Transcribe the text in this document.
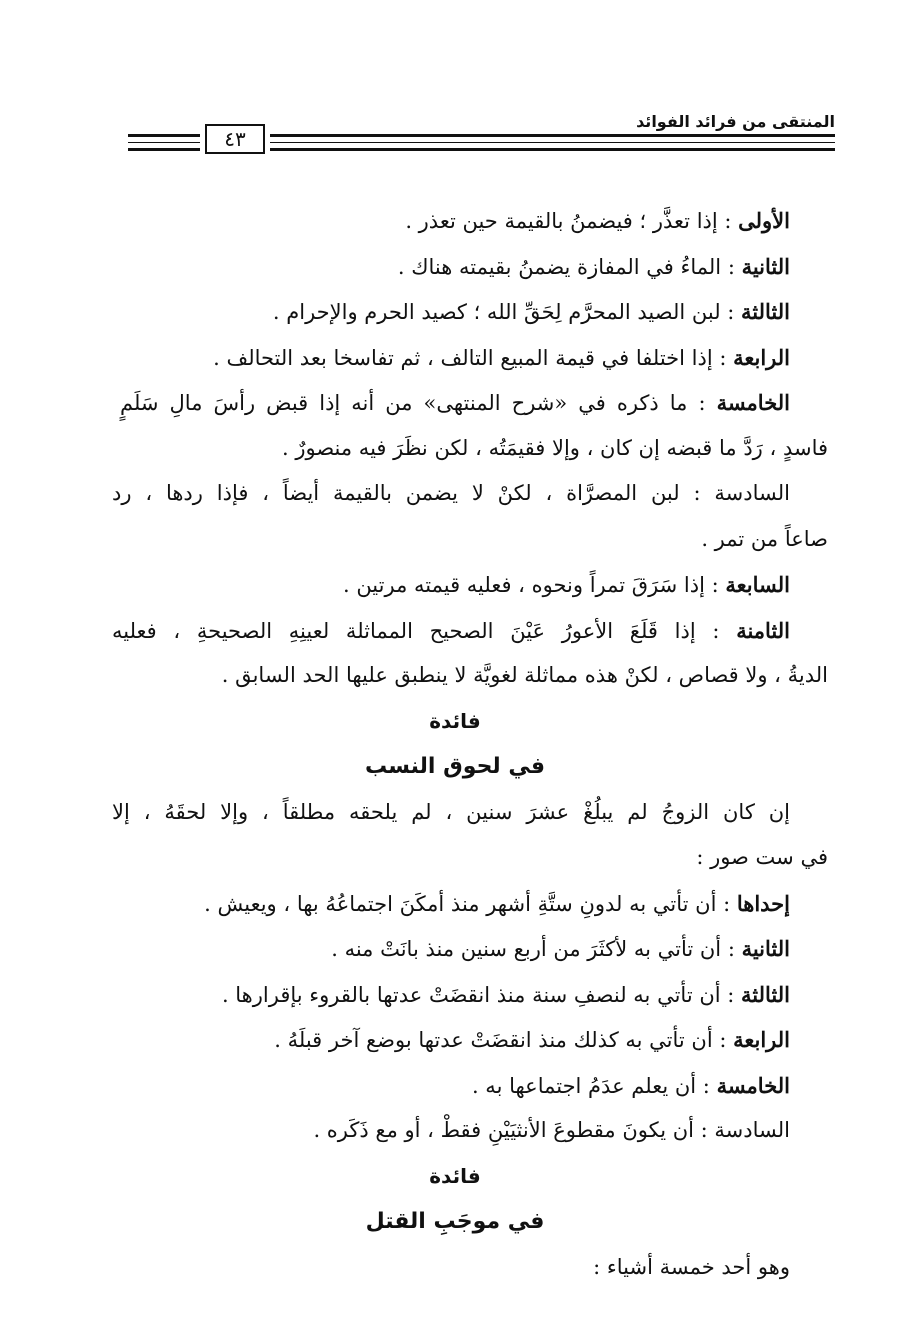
المنتقى من فرائد الفوائد
٤٣
الأولى : إذا تعذَّر ؛ فيضمنُ بالقيمة حين تعذر .
الثانية : الماءُ في المفازة يضمنُ بقيمته هناك .
الثالثة : لبن الصيد المحرَّم لِحَقِّ الله ؛ كصيد الحرم والإحرام .
الرابعة : إذا اختلفا في قيمة المبيع التالف ، ثم تفاسخا بعد التحالف .
الخامسة : ما ذكره في «شرح المنتهى» من أنه إذا قبض رأسَ مالِ سَلَمٍ
فاسدٍ ، رَدَّ ما قبضه إن كان ، وإلا فقيمَتُه ، لكن نظَرَ فيه منصورٌ .
السادسة : لبن المصرَّاة ، لكنْ لا يضمن بالقيمة أيضاً ، فإذا ردها ، رد
صاعاً من تمر .
السابعة : إذا سَرَقَ تمراً ونحوه ، فعليه قيمته مرتين .
الثامنة : إذا قَلَعَ الأعورُ عَيْنَ الصحيح المماثلة لعينِهِ الصحيحةِ ، فعليه
الديةُ ، ولا قصاص ، لكنْ هذه مماثلة لغويَّة لا ينطبق عليها الحد السابق .
فائدة
في لحوق النسب
إن كان الزوجُ لم يبلُغْ عشرَ سنين ، لم يلحقه مطلقاً ، وإلا لحقَهُ ، إلا
في ست صور :
إحداها : أن تأتي به لدونِ ستَّةِ أشهر منذ أمكَنَ اجتماعُهُ بها ، ويعيش .
الثانية : أن تأتي به لأكثَرَ من أربع سنين منذ بانَتْ منه .
الثالثة : أن تأتي به لنصفِ سنة منذ انقضَتْ عدتها بالقروء بإقرارها .
الرابعة : أن تأتي به كذلك منذ انقضَتْ عدتها بوضع آخر قبلَهُ .
الخامسة : أن يعلم عدَمُ اجتماعها به .
السادسة : أن يكونَ مقطوعَ الأنثيَيْنِ فقطْ ، أو مع ذَكَره .
فائدة
في موجَبِ القتل
وهو أحد خمسة أشياء :
